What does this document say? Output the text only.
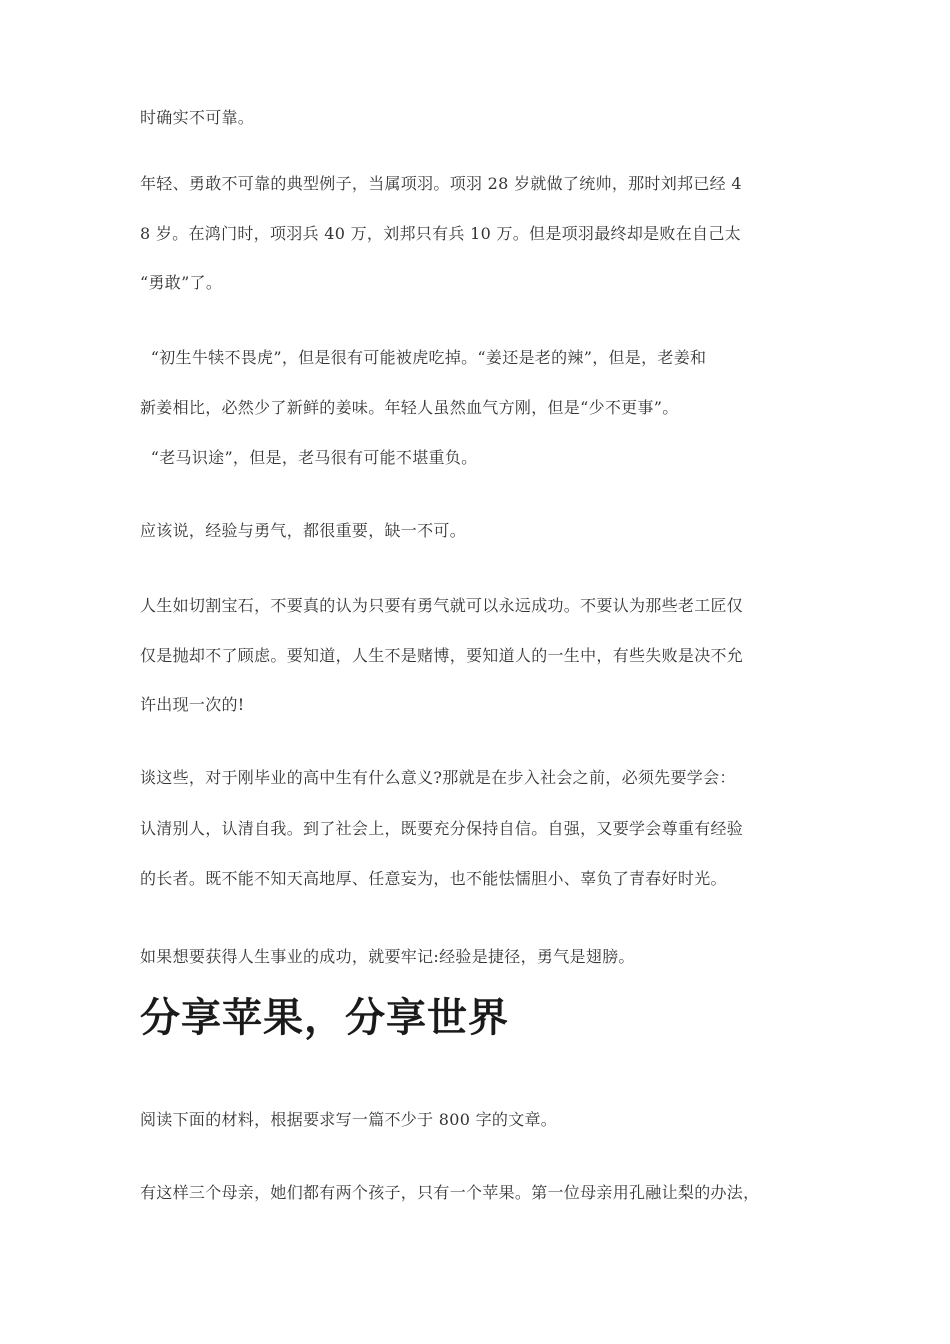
时确实不可靠。

年轻、勇敢不可靠的典型例子，当属项羽。项羽 28 岁就做了统帅，那时刘邦已经 4

8 岁。在鸿门时，项羽兵 40 万，刘邦只有兵 10 万。但是项羽最终却是败在自己太

“勇敢”了。

“初生牛犊不畏虎”，但是很有可能被虎吃掉。“姜还是老的辣”，但是，老姜和

新姜相比，必然少了新鲜的姜味。年轻人虽然血气方刚，但是“少不更事”。

“老马识途”，但是，老马很有可能不堪重负。

应该说，经验与勇气，都很重要，缺一不可。

人生如切割宝石，不要真的认为只要有勇气就可以永远成功。不要认为那些老工匠仅

仅是抛却不了顾虑。要知道，人生不是赌博，要知道人的一生中，有些失败是决不允

许出现一次的!

谈这些，对于刚毕业的高中生有什么意义?那就是在步入社会之前，必须先要学会：

认清别人，认清自我。到了社会上，既要充分保持自信。自强，又要学会尊重有经验

的长者。既不能不知天高地厚、任意妄为，也不能怯懦胆小、辜负了青春好时光。

如果想要获得人生事业的成功，就要牢记:经验是捷径，勇气是翅膀。

分享苹果，分享世界

阅读下面的材料，根据要求写一篇不少于 800 字的文章。

有这样三个母亲，她们都有两个孩子，只有一个苹果。第一位母亲用孔融让梨的办法，
